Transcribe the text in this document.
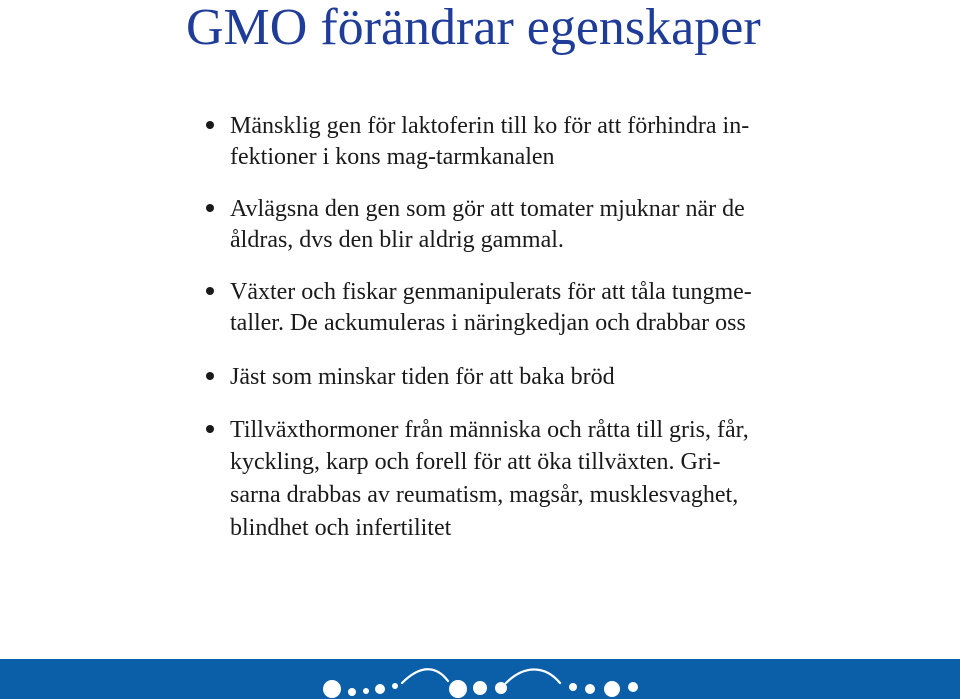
GMO förändrar egenskaper
Mänsklig gen för laktoferin till ko för att förhindra in-
fektioner i kons mag-tarmkanalen
Avlägsna den gen som gör att tomater mjuknar när de
åldras, dvs den blir aldrig gammal.
Växter och fiskar genmanipulerats för att tåla tungme-
taller. De ackumuleras i näringkedjan och drabbar oss
Jäst som minskar tiden för att baka bröd
Tillväxthormoner från människa och råtta till gris, får,
kyckling, karp och forell för att öka tillväxten. Gri-
sarna drabbas av reumatism, magsår, musklesvaghet,
blindhet och infertilitet
